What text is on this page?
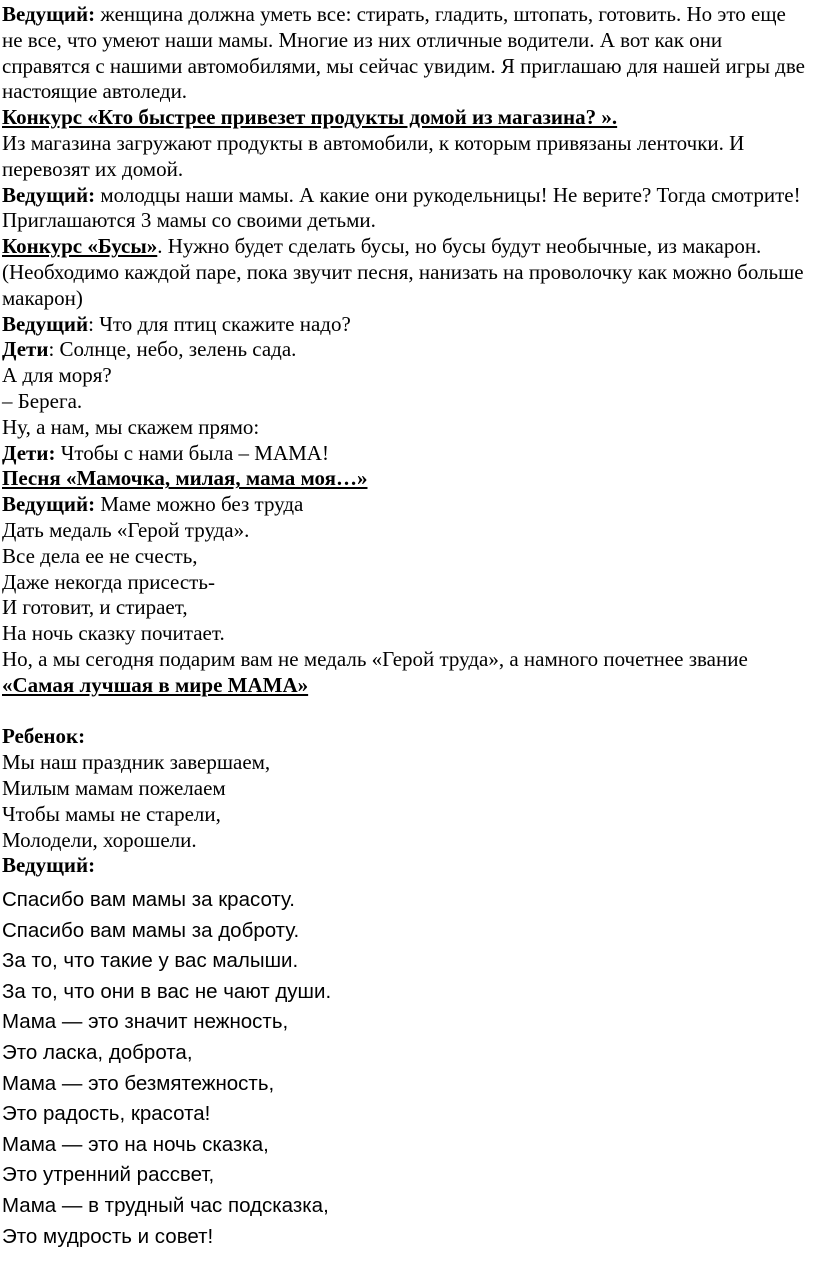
Ведущий: женщина должна уметь все: стирать, гладить, штопать, готовить. Но это еще не все, что умеют наши мамы. Многие из них отличные водители. А вот как они справятся с нашими автомобилями, мы сейчас увидим. Я приглашаю для нашей игры две настоящие автоледи.

Конкурс «Кто быстрее привезет продукты домой из магазина? ».

Из магазина загружают продукты в автомобили, к которым привязаны ленточки. И перевозят их домой.

Ведущий: молодцы наши мамы. А какие они рукодельницы! Не верите? Тогда смотрите! Приглашаются 3 мамы со своими детьми.

Конкурс «Бусы». Нужно будет сделать бусы, но бусы будут необычные, из макарон. (Необходимо каждой паре, пока звучит песня, нанизать на проволочку как можно больше макарон)

Ведущий: Что для птиц скажите надо?

Дети: Солнце, небо, зелень сада.

А для моря?

– Берега.

Ну, а нам, мы скажем прямо:

Дети: Чтобы с нами была – МАМА!

Песня «Мамочка, милая, мама моя…»

Ведущий: Маме можно без труда

Дать медаль «Герой труда».

Все дела ее не счесть,

Даже некогда присесть-

И готовит, и стирает,

На ночь сказку почитает.

Но, а мы сегодня подарим вам не медаль «Герой труда», а намного почетнее звание «Самая лучшая в мире МАМА»

Ребенок:

Мы наш праздник завершаем,

Милым мамам пожелаем

Чтобы мамы не старели,

Молодели, хорошели.

Ведущий:

Спасибо вам мамы за красоту.

Спасибо вам мамы за доброту.

За то, что такие у вас малыши.

За то, что они в вас не чают души.

Мама — это значит нежность,

Это ласка, доброта,

Мама — это безмятежность,

Это радость, красота!

Мама — это на ночь сказка,

Это утренний рассвет,

Мама — в трудный час подсказка,

Это мудрость и совет!
